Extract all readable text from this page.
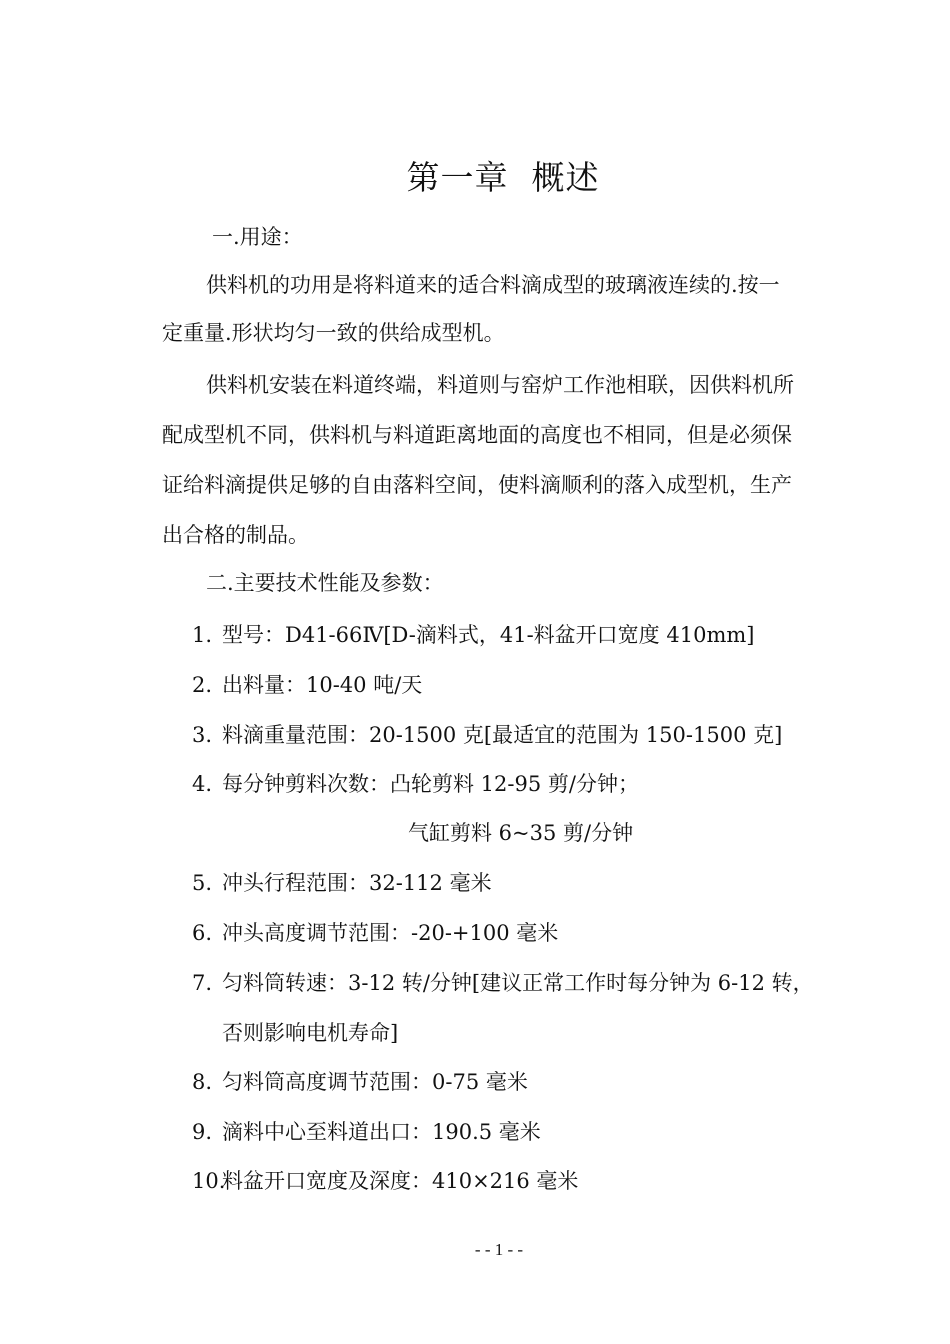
第一章  概述
一.用途：
供料机的功用是将料道来的适合料滴成型的玻璃液连续的.按一
定重量.形状均匀一致的供给成型机。
供料机安装在料道终端，料道则与窑炉工作池相联，因供料机所
配成型机不同，供料机与料道距离地面的高度也不相同，但是必须保
证给料滴提供足够的自由落料空间，使料滴顺利的落入成型机，生产
出合格的制品。
二.主要技术性能及参数：
1. 型号：D41-66Ⅳ[D-滴料式，41-料盆开口宽度 410mm]
2. 出料量：10-40 吨/天
3. 料滴重量范围：20-1500 克[最适宜的范围为 150-1500 克]
4. 每分钟剪料次数：凸轮剪料 12-95 剪/分钟；
气缸剪料 6~35 剪/分钟
5. 冲头行程范围：32-112 毫米
6. 冲头高度调节范围：-20-+100 毫米
7. 匀料筒转速：3-12 转/分钟[建议正常工作时每分钟为 6-12 转，
否则影响电机寿命]
8. 匀料筒高度调节范围：0-75 毫米
9. 滴料中心至料道出口：190.5 毫米
10.料盆开口宽度及深度：410×216 毫米
- - 1 - -
